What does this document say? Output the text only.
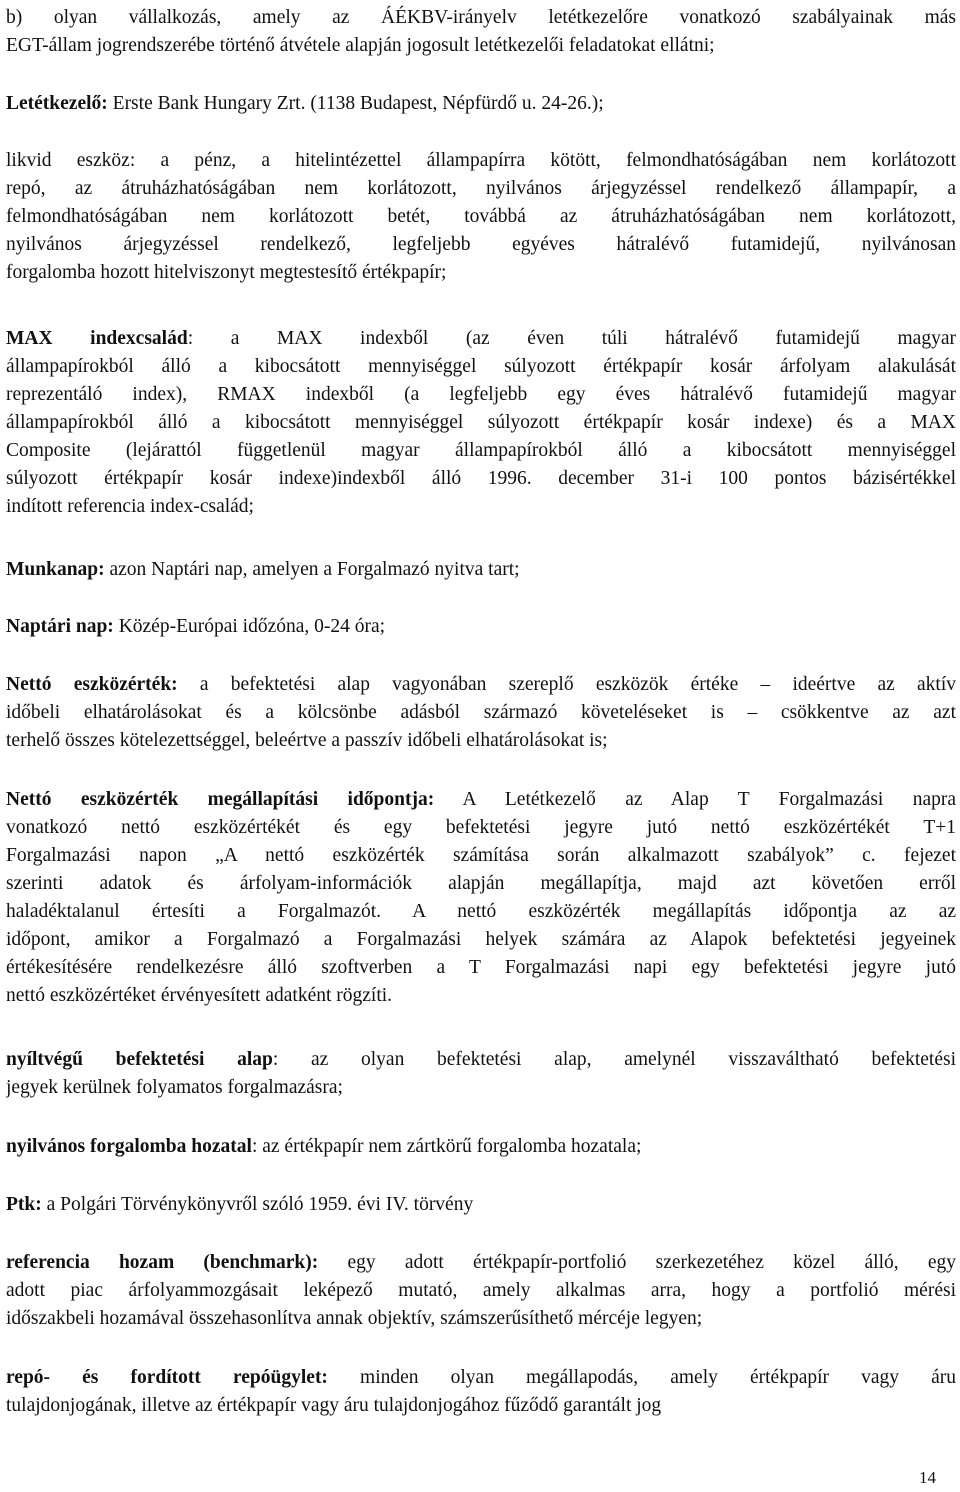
b) olyan vállalkozás, amely az ÁÉKBV-irányelv letétkezelőre vonatkozó szabályainak más
EGT-állam jogrendszerébe történő átvétele alapján jogosult letétkezelői feladatokat ellátni;
Letétkezelő: Erste Bank Hungary Zrt. (1138 Budapest, Népfürdő u. 24-26.);
likvid eszköz: a pénz, a hitelintézettel állampapírra kötött, felmondhatóságában nem korlátozott
repó, az átruházhatóságában nem korlátozott, nyilvános árjegyzéssel rendelkező állampapír, a
felmondhatóságában nem korlátozott betét, továbbá az átruházhatóságában nem korlátozott,
nyilvános árjegyzéssel rendelkező, legfeljebb egyéves hátralévő futamidejű, nyilvánosan
forgalomba hozott hitelviszonyt megtestesítő értékpapír;
MAX indexcsalád: a MAX indexből (az éven túli hátralévő futamidejű magyar
állampapírokból álló a kibocsátott mennyiséggel súlyozott értékpapír kosár árfolyam alakulását
reprezentáló index), RMAX indexből (a legfeljebb egy éves hátralévő futamidejű magyar
állampapírokból álló a kibocsátott mennyiséggel súlyozott értékpapír kosár indexe) és a MAX
Composite (lejárattól függetlenül magyar állampapírokból álló a kibocsátott mennyiséggel
súlyozott értékpapír kosár indexe)indexből álló 1996. december 31-i 100 pontos bázisértékkel
indított referencia index-család;
Munkanap: azon Naptári nap, amelyen a Forgalmazó nyitva tart;
Naptári nap: Közép-Európai időzóna, 0-24 óra;
Nettó eszközérték: a befektetési alap vagyonában szereplő eszközök értéke – ideértve az aktív
időbeli elhatárolásokat és a kölcsönbe adásból származó követeléseket is – csökkentve az azt
terhelő összes kötelezettséggel, beleértve a passzív időbeli elhatárolásokat is;
Nettó eszközérték megállapítási időpontja: A Letétkezelő az Alap T Forgalmazási napra
vonatkozó nettó eszközértékét és egy befektetési jegyre jutó nettó eszközértékét T+1
Forgalmazási napon „A nettó eszközérték számítása során alkalmazott szabályok” c. fejezet
szerinti adatok és árfolyam-információk alapján megállapítja, majd azt követően erről
haladéktalanul értesíti a Forgalmazót. A nettó eszközérték megállapítás időpontja az az
időpont, amikor a Forgalmazó a Forgalmazási helyek számára az Alapok befektetési jegyeinek
értékesítésére rendelkezésre álló szoftverben a T Forgalmazási napi egy befektetési jegyre jutó
nettó eszközértéket érvényesített adatként rögzíti.
nyíltvégű befektetési alap: az olyan befektetési alap, amelynél visszaváltható befektetési
jegyek kerülnek folyamatos forgalmazásra;
nyilvános forgalomba hozatal: az értékpapír nem zártkörű forgalomba hozatala;
Ptk: a Polgári Törvénykönyvről szóló 1959. évi IV. törvény
referencia hozam (benchmark): egy adott értékpapír-portfolió szerkezetéhez közel álló, egy
adott piac árfolyammozgásait leképező mutató, amely alkalmas arra, hogy a portfolió mérési
időszakbeli hozamával összehasonlítva annak objektív, számszerűsíthető mércéje legyen;
repó- és fordított repóügylet: minden olyan megállapodás, amely értékpapír vagy áru
tulajdonjogának, illetve az értékpapír vagy áru tulajdonjogához fűződő garantált jog
14
